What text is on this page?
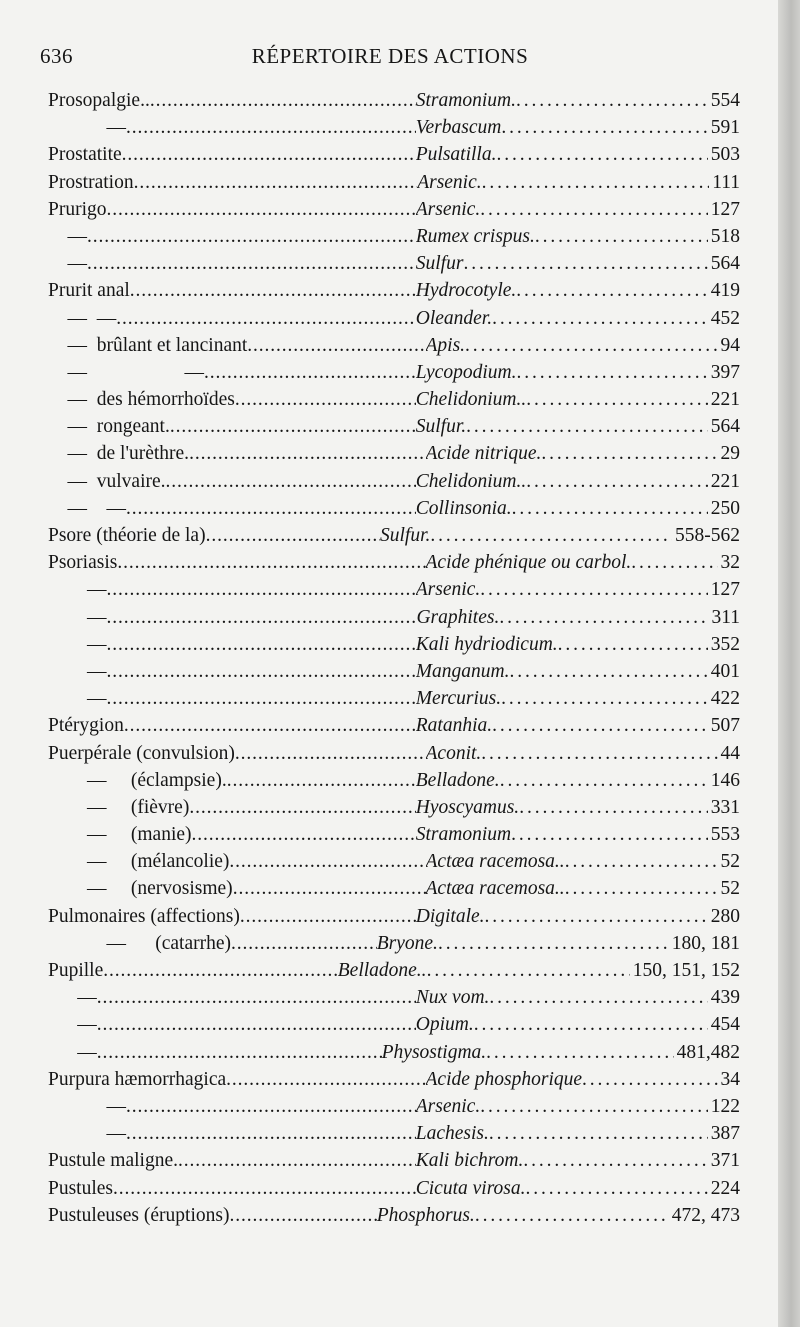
636	RÉPERTOIRE DES ACTIONS
Prosopalgie.. . . .	Stramonium. . . .	554
— . . .	Verbascum . . .	591
Prostatite . . .	Pulsatilla. . . .	503
Prostration . . .	Arsenic. . . .	111
Prurigo . . .	Arsenic. . . .	127
— . . .	Rumex crispus. . . .	518
— . . .	Sulfur . . .	564
Prurit anal . . .	Hydrocotyle. . . .	419
—  — . . .	Oleander. . . .	452
—  brûlant et lancinant . . .	Apis. . . .	94
—                    — . . .	Lycopodium. . . .	397
—  des hémorrhoïdes . . .	Chelidonium.. . . .	221
—  rongeant. . . .	Sulfur. . . .	564
—  de l'urèthre. . . .	Acide nitrique. . . .	29
—  vulvaire. . . .	Chelidonium.. . . .	221
—    — . . .	Collinsonia. . . .	250
Psore (théorie de la) . . .	Sulfur. . . .	558-562
Psoriasis . . .	Acide phénique ou carbol. . . .	32
— . . .	Arsenic. . . .	127
— . . .	Graphites. . . .	311
— . . .	Kali hydriodicum. . . .	352
— . . .	Manganum. . . .	401
— . . .	Mercurius. . . .	422
Ptérygion . . .	Ratanhia. . . .	507
Puerpérale (convulsion) . . .	Aconit. . . .	44
—     (éclampsie). . . .	Belladone. . . .	146
—     (fièvre) . . .	Hyoscyamus. . . .	331
—     (manie) . . .	Stramonium . . .	553
—     (mélancolie) . . .	Actæa racemosa.. . . .	52
—     (nervosisme) . . .	Actæa racemosa.. . . .	52
Pulmonaires (affections) . . .	Digitale. . . .	280
—      (catarrhe) . . .	Bryone. . . .	180, 181
Pupille . . .	Belladone.. . . .	150, 151, 152
— . . .	Nux vom. . . .	439
— . . .	Opium. . . .	454
— . . .	Physostigma. . . .	481,482
Purpura hæmorrhagica . . .	Acide phosphorique . . .	34
— . . .	Arsenic. . . .	122
— . . .	Lachesis. . . .	387
Pustule maligne. . . .	Kali bichrom. . . .	371
Pustules . . .	Cicuta virosa. . . .	224
Pustuleuses (éruptions) . . .	Phosphorus. . . .	472, 473
